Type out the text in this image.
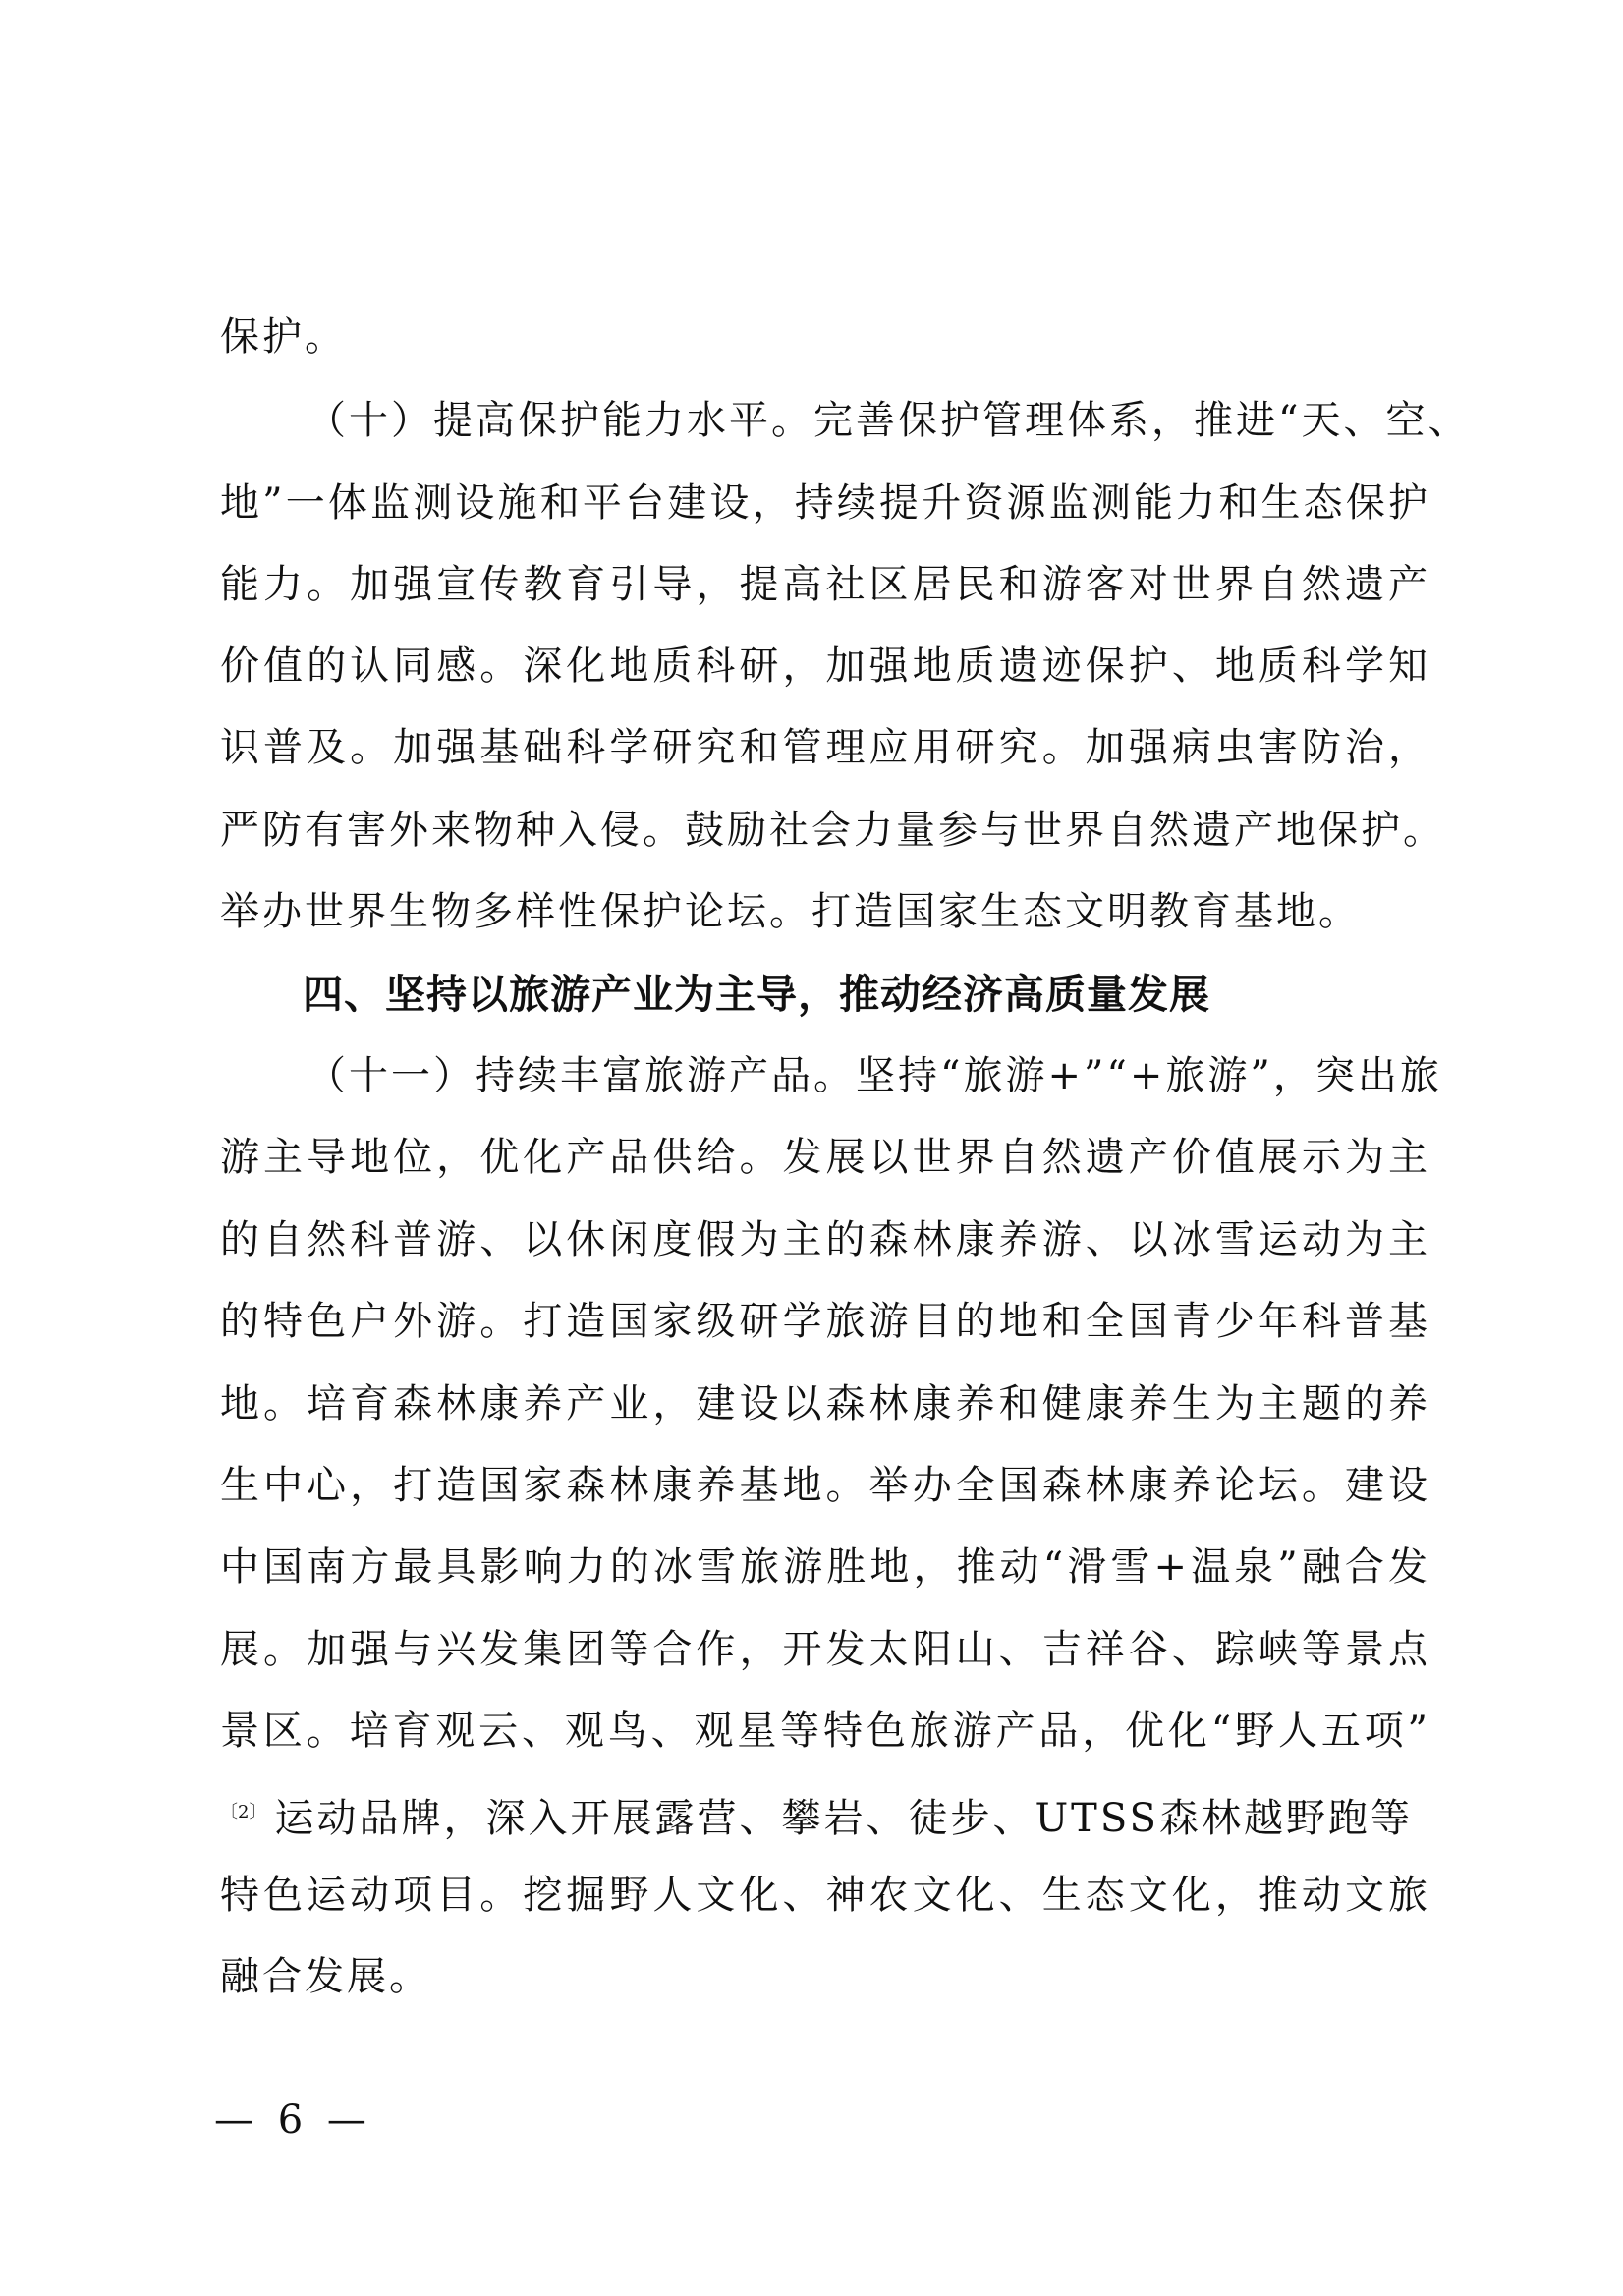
保护。
（十）提高保护能力水平。完善保护管理体系，推进“天、空、
地”一体监测设施和平台建设，持续提升资源监测能力和生态保护
能力。加强宣传教育引导，提高社区居民和游客对世界自然遗产
价值的认同感。深化地质科研，加强地质遗迹保护、地质科学知
识普及。加强基础科学研究和管理应用研究。加强病虫害防治，
严防有害外来物种入侵。鼓励社会力量参与世界自然遗产地保护。
举办世界生物多样性保护论坛。打造国家生态文明教育基地。
四、坚持以旅游产业为主导，推动经济高质量发展
（十一）持续丰富旅游产品。坚持“旅游+”“+旅游”，突出旅
游主导地位，优化产品供给。发展以世界自然遗产价值展示为主
的自然科普游、以休闲度假为主的森林康养游、以冰雪运动为主
的特色户外游。打造国家级研学旅游目的地和全国青少年科普基
地。培育森林康养产业，建设以森林康养和健康养生为主题的养
生中心，打造国家森林康养基地。举办全国森林康养论坛。建设
中国南方最具影响力的冰雪旅游胜地，推动“滑雪+温泉”融合发
展。加强与兴发集团等合作，开发太阳山、吉祥谷、踪峡等景点
景区。培育观云、观鸟、观星等特色旅游产品，优化“野人五项”
$^{〔2〕}$ 运动品牌，深入开展露营、攀岩、徒步、UTSS森林越野跑等
特色运动项目。挖掘野人文化、神农文化、生态文化，推动文旅
融合发展。
— 6 —
